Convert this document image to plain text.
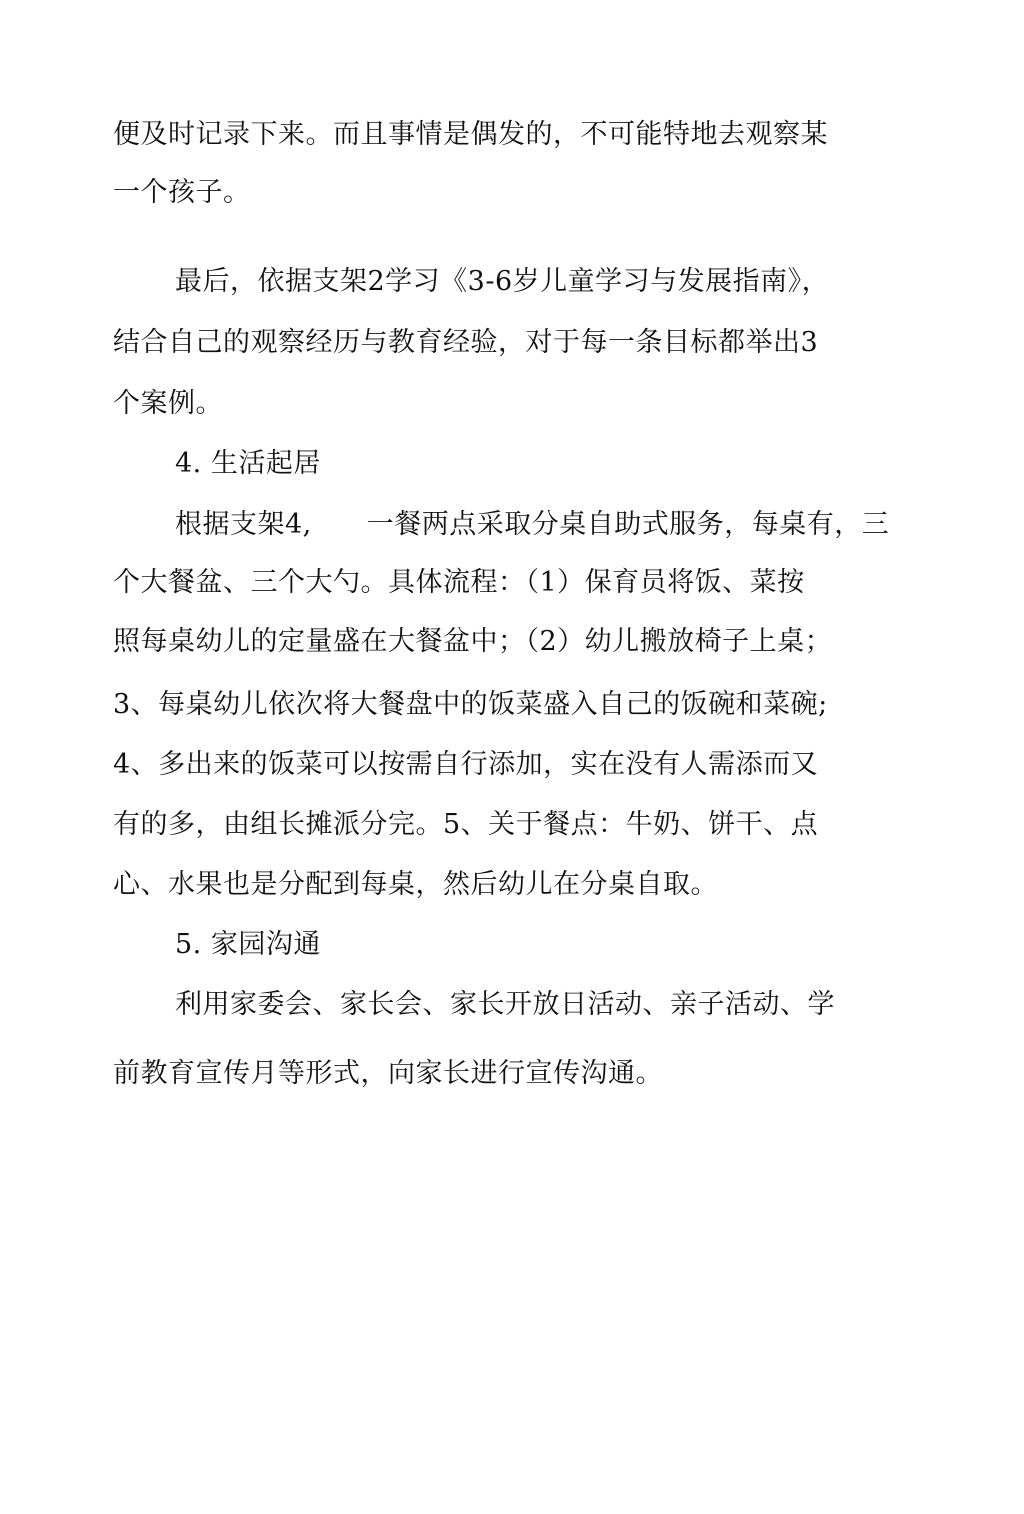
便及时记录下来。而且事情是偶发的，不可能特地去观察某
一个孩子。
最后，依据支架2学习《3-6岁儿童学习与发展指南》，
结合自己的观察经历与教育经验，对于每一条目标都举出3
个案例。
4. 生活起居
根据支架4,　　一餐两点采取分桌自助式服务，每桌有，三
个大餐盆、三个大勺。具体流程：（1）保育员将饭、菜按
照每桌幼儿的定量盛在大餐盆中；（2）幼儿搬放椅子上桌；
3、每桌幼儿依次将大餐盘中的饭菜盛入自己的饭碗和菜碗;
4、多出来的饭菜可以按需自行添加，实在没有人需添而又
有的多，由组长摊派分完。5、关于餐点：牛奶、饼干、点
心、水果也是分配到每桌，然后幼儿在分桌自取。
5. 家园沟通
利用家委会、家长会、家长开放日活动、亲子活动、学
前教育宣传月等形式，向家长进行宣传沟通。
